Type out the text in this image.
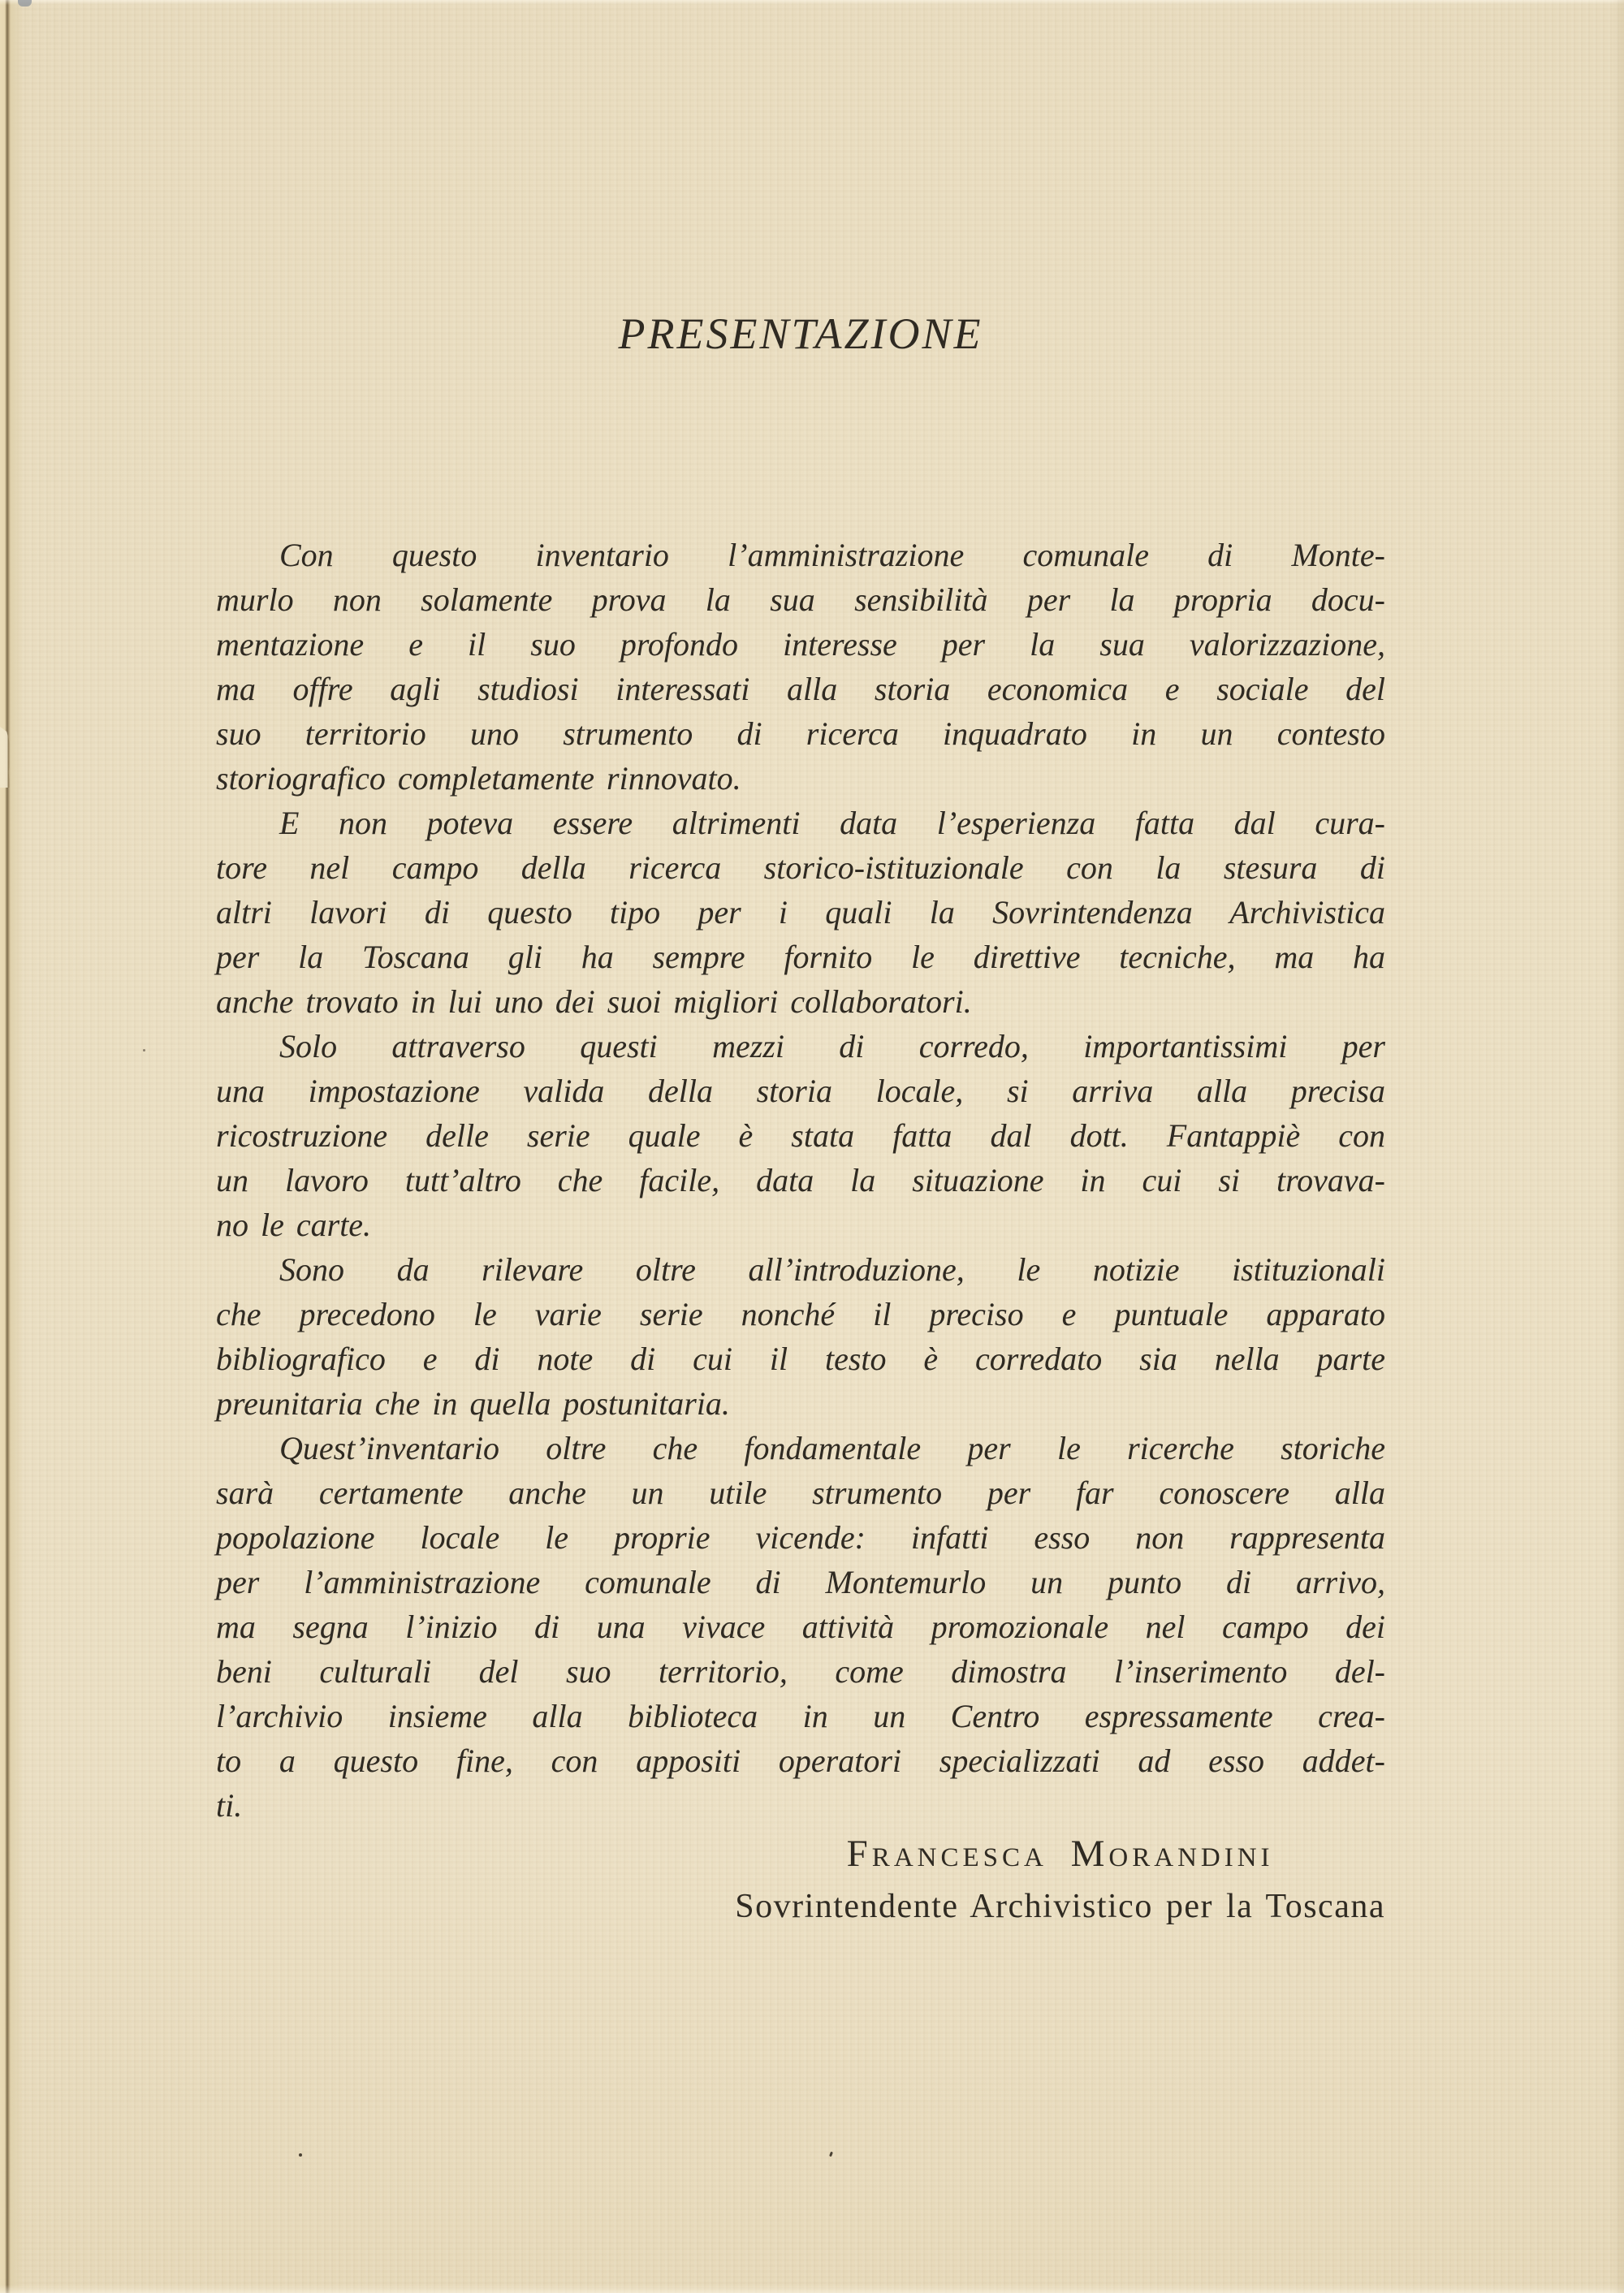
PRESENTAZIONE
Con questo inventario l’amministrazione comunale di Monte-
murlo non solamente prova la sua sensibilità per la propria docu-
mentazione e il suo profondo interesse per la sua valorizzazione,
ma offre agli studiosi interessati alla storia economica e sociale del
suo territorio uno strumento di ricerca inquadrato in un contesto
storiografico completamente rinnovato.
E non poteva essere altrimenti data l’esperienza fatta dal cura-
tore nel campo della ricerca storico-istituzionale con la stesura di
altri lavori di questo tipo per i quali la Sovrintendenza Archivistica
per la Toscana gli ha sempre fornito le direttive tecniche, ma ha
anche trovato in lui uno dei suoi migliori collaboratori.
Solo attraverso questi mezzi di corredo, importantissimi per
una impostazione valida della storia locale, si arriva alla precisa
ricostruzione delle serie quale è stata fatta dal dott. Fantappiè con
un lavoro tutt’altro che facile, data la situazione in cui si trovava-
no le carte.
Sono da rilevare oltre all’introduzione, le notizie istituzionali
che precedono le varie serie nonché il preciso e puntuale apparato
bibliografico e di note di cui il testo è corredato sia nella parte
preunitaria che in quella postunitaria.
Quest’inventario oltre che fondamentale per le ricerche storiche
sarà certamente anche un utile strumento per far conoscere alla
popolazione locale le proprie vicende: infatti esso non rappresenta
per l’amministrazione comunale di Montemurlo un punto di arrivo,
ma segna l’inizio di una vivace attività promozionale nel campo dei
beni culturali del suo territorio, come dimostra l’inserimento del-
l’archivio insieme alla biblioteca in un Centro espressamente crea-
to a questo fine, con appositi operatori specializzati ad esso addet-
ti.
Francesca Morandini
Sovrintendente Archivistico per la Toscana
